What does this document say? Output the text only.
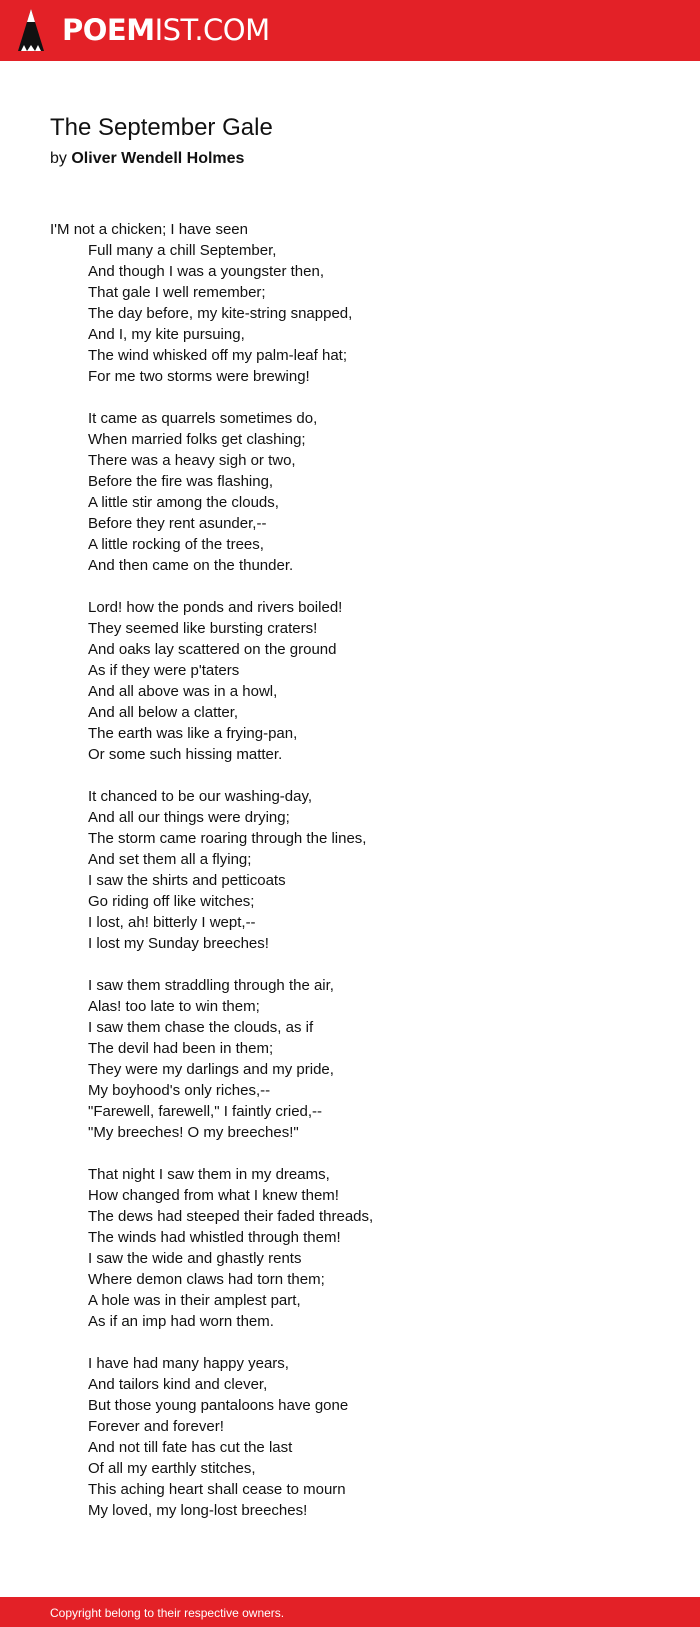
POEMIST.COM
The September Gale
by Oliver Wendell Holmes
I'M not a chicken; I have seen
Full many a chill September,
And though I was a youngster then,
That gale I well remember;
The day before, my kite-string snapped,
And I, my kite pursuing,
The wind whisked off my palm-leaf hat;
For me two storms were brewing!
It came as quarrels sometimes do,
When married folks get clashing;
There was a heavy sigh or two,
Before the fire was flashing,
A little stir among the clouds,
Before they rent asunder,--
A little rocking of the trees,
And then came on the thunder.
Lord! how the ponds and rivers boiled!
They seemed like bursting craters!
And oaks lay scattered on the ground
As if they were p'taters
And all above was in a howl,
And all below a clatter,
The earth was like a frying-pan,
Or some such hissing matter.
It chanced to be our washing-day,
And all our things were drying;
The storm came roaring through the lines,
And set them all a flying;
I saw the shirts and petticoats
Go riding off like witches;
I lost, ah! bitterly I wept,--
I lost my Sunday breeches!
I saw them straddling through the air,
Alas! too late to win them;
I saw them chase the clouds, as if
The devil had been in them;
They were my darlings and my pride,
My boyhood's only riches,--
"Farewell, farewell," I faintly cried,--
"My breeches! O my breeches!"
That night I saw them in my dreams,
How changed from what I knew them!
The dews had steeped their faded threads,
The winds had whistled through them!
I saw the wide and ghastly rents
Where demon claws had torn them;
A hole was in their amplest part,
As if an imp had worn them.
I have had many happy years,
And tailors kind and clever,
But those young pantaloons have gone
Forever and forever!
And not till fate has cut the last
Of all my earthly stitches,
This aching heart shall cease to mourn
My loved, my long-lost breeches!
Copyright belong to their respective owners.
